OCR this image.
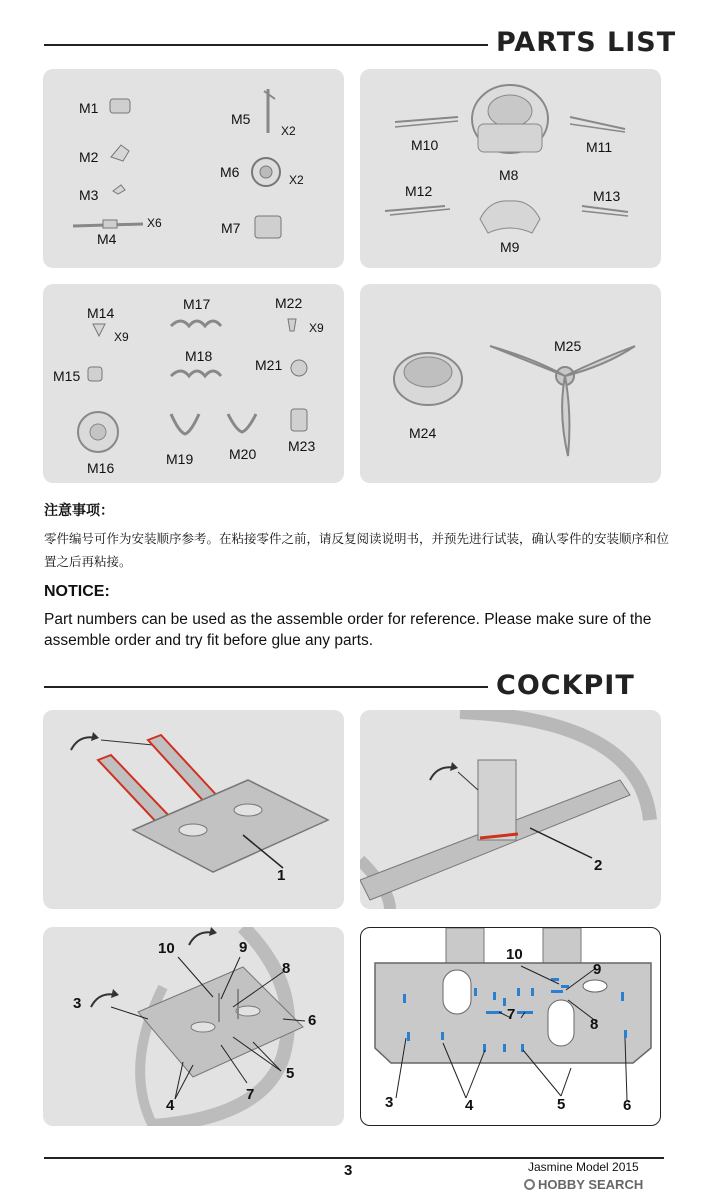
PARTS LIST
M1
M2
M3
M4
X6
M5
X2
M6	X2
M7
M8
M9
M10	M11
M12	M13
M14
X9
M15
M16
M17
M18
M19	M20
M21
M22
X9
M23
M24
M25
注意事项：
零件编号可作为安装顺序参考。在粘接零件之前，请反复阅读说明书，并预先进行试装，确认零件的安装顺序和位置之后再粘接。
NOTICE:
Part numbers can be used as the assemble order for reference. Please make sure of the assemble order and try fit before glue any parts.
COCKPIT
1
2
10	9
8
3
6
5
7
4
10
9
8
7
3	4	5	6
3	Jasmine Model 2015
HOBBY SEARCH
